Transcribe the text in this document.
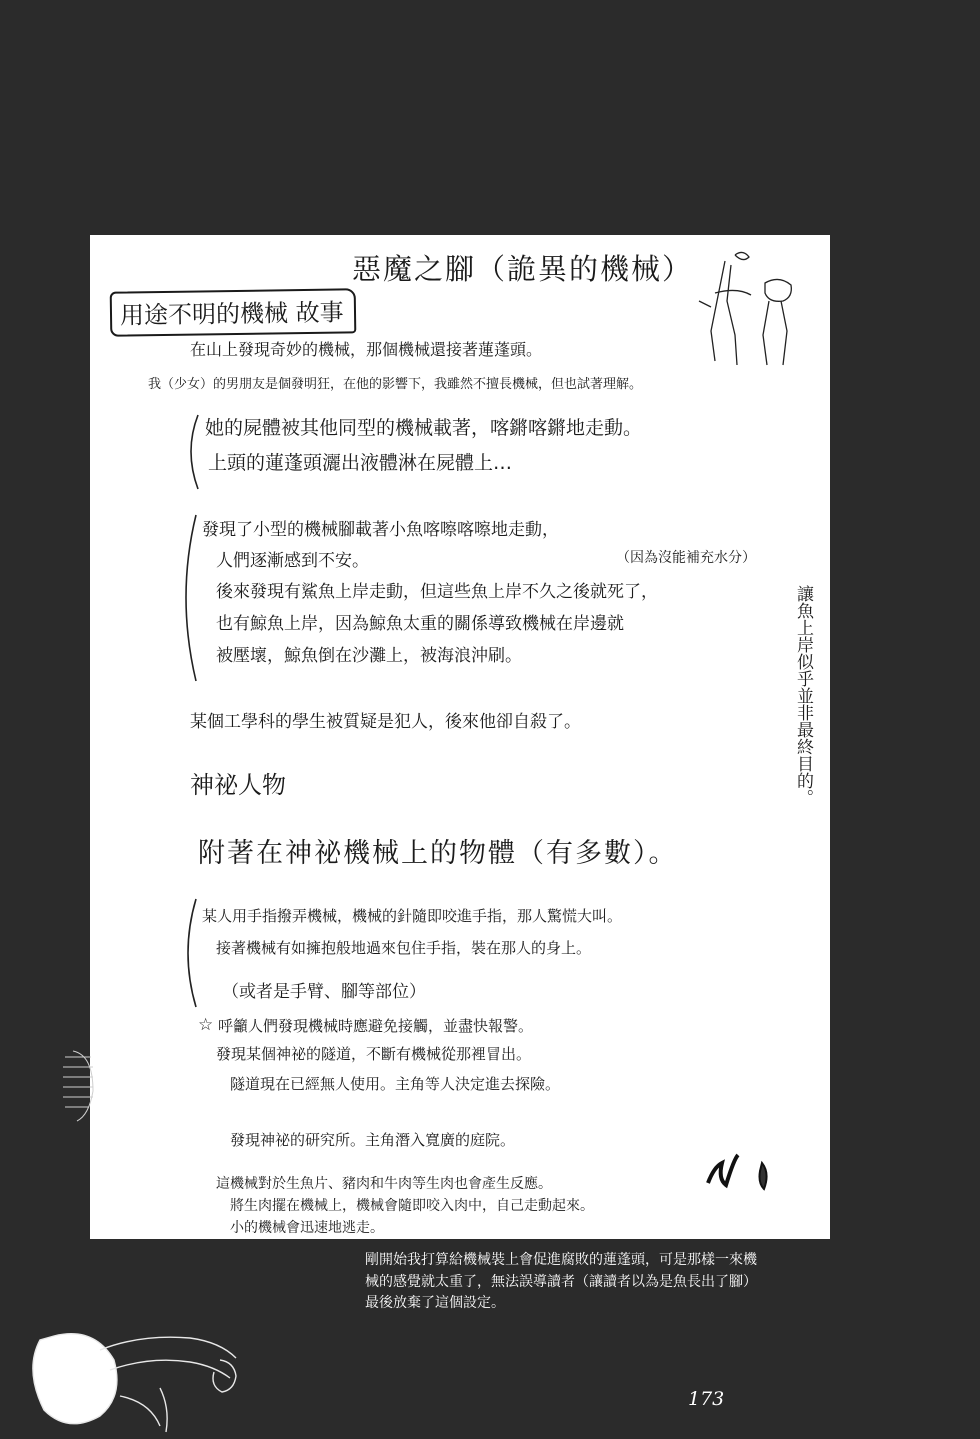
惡魔之腳（詭異的機械）
用途不明的機械 故事
在山上發現奇妙的機械，那個機械還接著蓮蓬頭。
我（少女）的男朋友是個發明狂，在他的影響下，我雖然不擅長機械，但也試著理解。
她的屍體被其他同型的機械載著，喀鏘喀鏘地走動。
上頭的蓮蓬頭灑出液體淋在屍體上…
發現了小型的機械腳載著小魚喀嚓喀嚓地走動，
人們逐漸感到不安。	（因為沒能補充水分）
後來發現有鯊魚上岸走動，但這些魚上岸不久之後就死了，
也有鯨魚上岸，因為鯨魚太重的關係導致機械在岸邊就
被壓壞，鯨魚倒在沙灘上，被海浪沖刷。
某個工學科的學生被質疑是犯人，後來他卻自殺了。
神祕人物
附著在神祕機械上的物體（有多數）。
某人用手指撥弄機械，機械的針隨即咬進手指，那人驚慌大叫。
接著機械有如擁抱般地過來包住手指，裝在那人的身上。
（或者是手臂、腳等部位）
☆ 呼籲人們發現機械時應避免接觸，並盡快報警。
發現某個神祕的隧道，不斷有機械從那裡冒出。
隧道現在已經無人使用。主角等人決定進去探險。
發現神祕的研究所。主角潛入寬廣的庭院。
這機械對於生魚片、豬肉和牛肉等生肉也會產生反應。
將生肉擺在機械上，機械會隨即咬入肉中，自己走動起來。
小的機械會迅速地逃走。
讓魚上岸似乎並非最終目的。
剛開始我打算給機械裝上會促進腐敗的蓮蓬頭，可是那樣一來機
械的感覺就太重了，無法誤導讀者（讓讀者以為是魚長出了腳）
最後放棄了這個設定。
173
